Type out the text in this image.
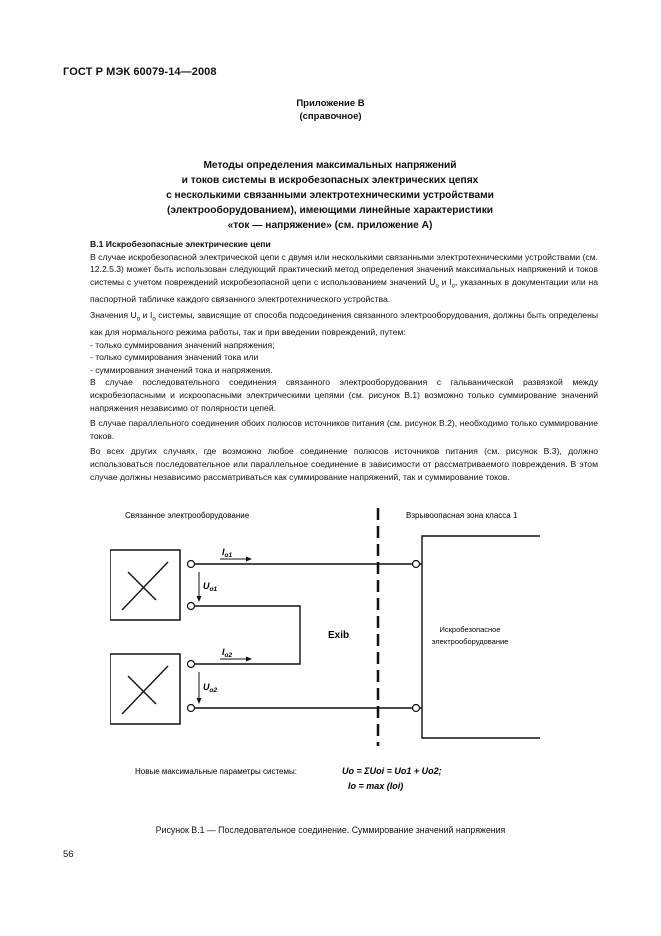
ГОСТ Р МЭК 60079-14—2008
Приложение В
(справочное)
Методы определения максимальных напряжений
и токов системы в искробезопасных электрических цепях
с несколькими связанными электротехническими устройствами
(электрооборудованием), имеющими линейные характеристики
«ток — напряжение» (см. приложение А)

В.1 Искробезопасные электрические цепи

В случае искробезопасной электрической цепи с двумя или несколькими связанными электротехническими устройствами (см. 12.2.5.3) может быть использован следующий практический метод определения значений максимальных напряжений и токов системы с учетом повреждений искробезопасной цепи с использованием значений $U_о$ и $I_о$, указанных в документации или на паспортной табличке каждого связанного электротехнического устройства.

Значения $U_о$ и $I_о$ системы, зависящие от способа подсоединения связанного электрооборудования, должны быть определены как для нормального режима работы, так и при введении повреждений, путем:

- только суммирования значений напряжения;

- только суммирования значений тока или

- суммирования значений тока и напряжения.

В случае последовательного соединения связанного электрооборудования с гальванической развязкой между искробезопасными и искроопасными электрическими цепями (см. рисунок В.1) возможно только суммирование значений напряжения независимо от полярности цепей.

В случае параллельного соединения обоих полюсов источников питания (см. рисунок В.2), необходимо только суммирование токов.

Во всех других случаях, где возможно любое соединение полюсов источников питания (см. рисунок В.3), должно использоваться последовательное или параллельное соединение в зависимости от рассматриваемого повреждения. В этом случае должны независимо рассматриваться как суммирование напряжений, так и суммирование токов.

Связанное электрооборудование	Взрывоопасная зона класса 1
Искробезопасное
электрооборудование
Exib
$I_{о1}$
$U_{о1}$
$I_{о2}$
$U_{о2}$
Новые максимальные параметры системы:	Uо = ΣUoi = Uо1 + Uо2;
Iо = max (Ioi)
Рисунок В.1 — Последовательное соединение. Суммирование значений напряжения
56
